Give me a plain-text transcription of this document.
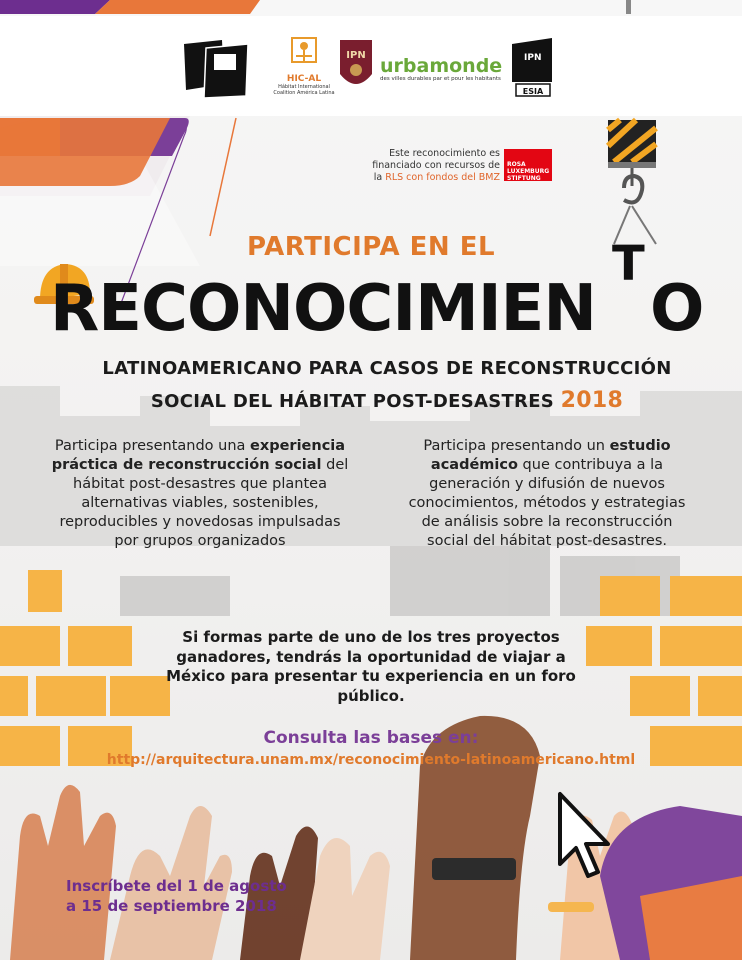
HIC-AL
Hábitat International Coalition América Latina
IPN urbamonde
des villes durables par et pour les habitants
IPN
ESIA
Este reconocimiento es
financiado con recursos de
la RLS con fondos del BMZ
ROSA LUXEMBURG STIFTUNG
PARTICIPA EN EL
RECONOCIMIEN
T
O
LATINOAMERICANO PARA CASOS DE RECONSTRUCCIÓN
SOCIAL DEL HÁBITAT POST-DESASTRES 2018
Participa presentando una experiencia práctica de reconstrucción social del hábitat post-desastres que plantea alternativas viables, sostenibles, reproducibles y novedosas impulsadas por grupos organizados
Participa presentando un estudio académico que contribuya a la generación y difusión de nuevos conocimientos, métodos y estrategias de análisis sobre la reconstrucción social del hábitat post-desastres.
Si formas parte de uno de los tres proyectos ganadores, tendrás la oportunidad de viajar a México para presentar tu experiencia en un foro público.
Consulta las bases en:
http://arquitectura.unam.mx/reconocimiento-latinoamericano.html
Inscríbete del 1 de agosto
a 15 de septiembre 2018
